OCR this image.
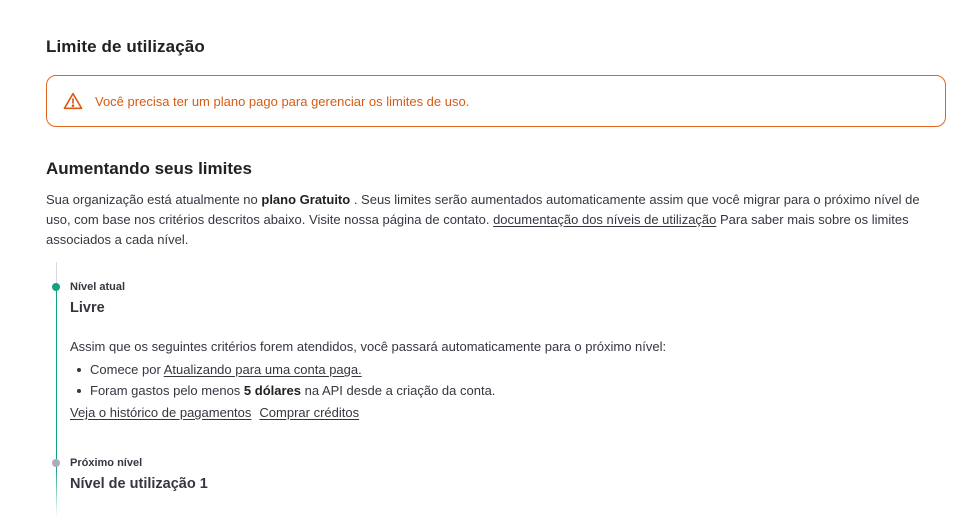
Limite de utilização
Você precisa ter um plano pago para gerenciar os limites de uso.
Aumentando seus limites

Sua organização está atualmente no plano Gratuito . Seus limites serão aumentados automaticamente assim que você migrar para o próximo nível de uso, com base nos critérios descritos abaixo. Visite nossa página de contato. documentação dos níveis de utilização Para saber mais sobre os limites associados a cada nível.

Nível atual
Livre
Assim que os seguintes critérios forem atendidos, você passará automaticamente para o próximo nível:
Comece por Atualizando para uma conta paga.
Foram gastos pelo menos 5 dólares na API desde a criação da conta.
Veja o histórico de pagamentos Comprar créditos
Próximo nível
Nível de utilização 1
